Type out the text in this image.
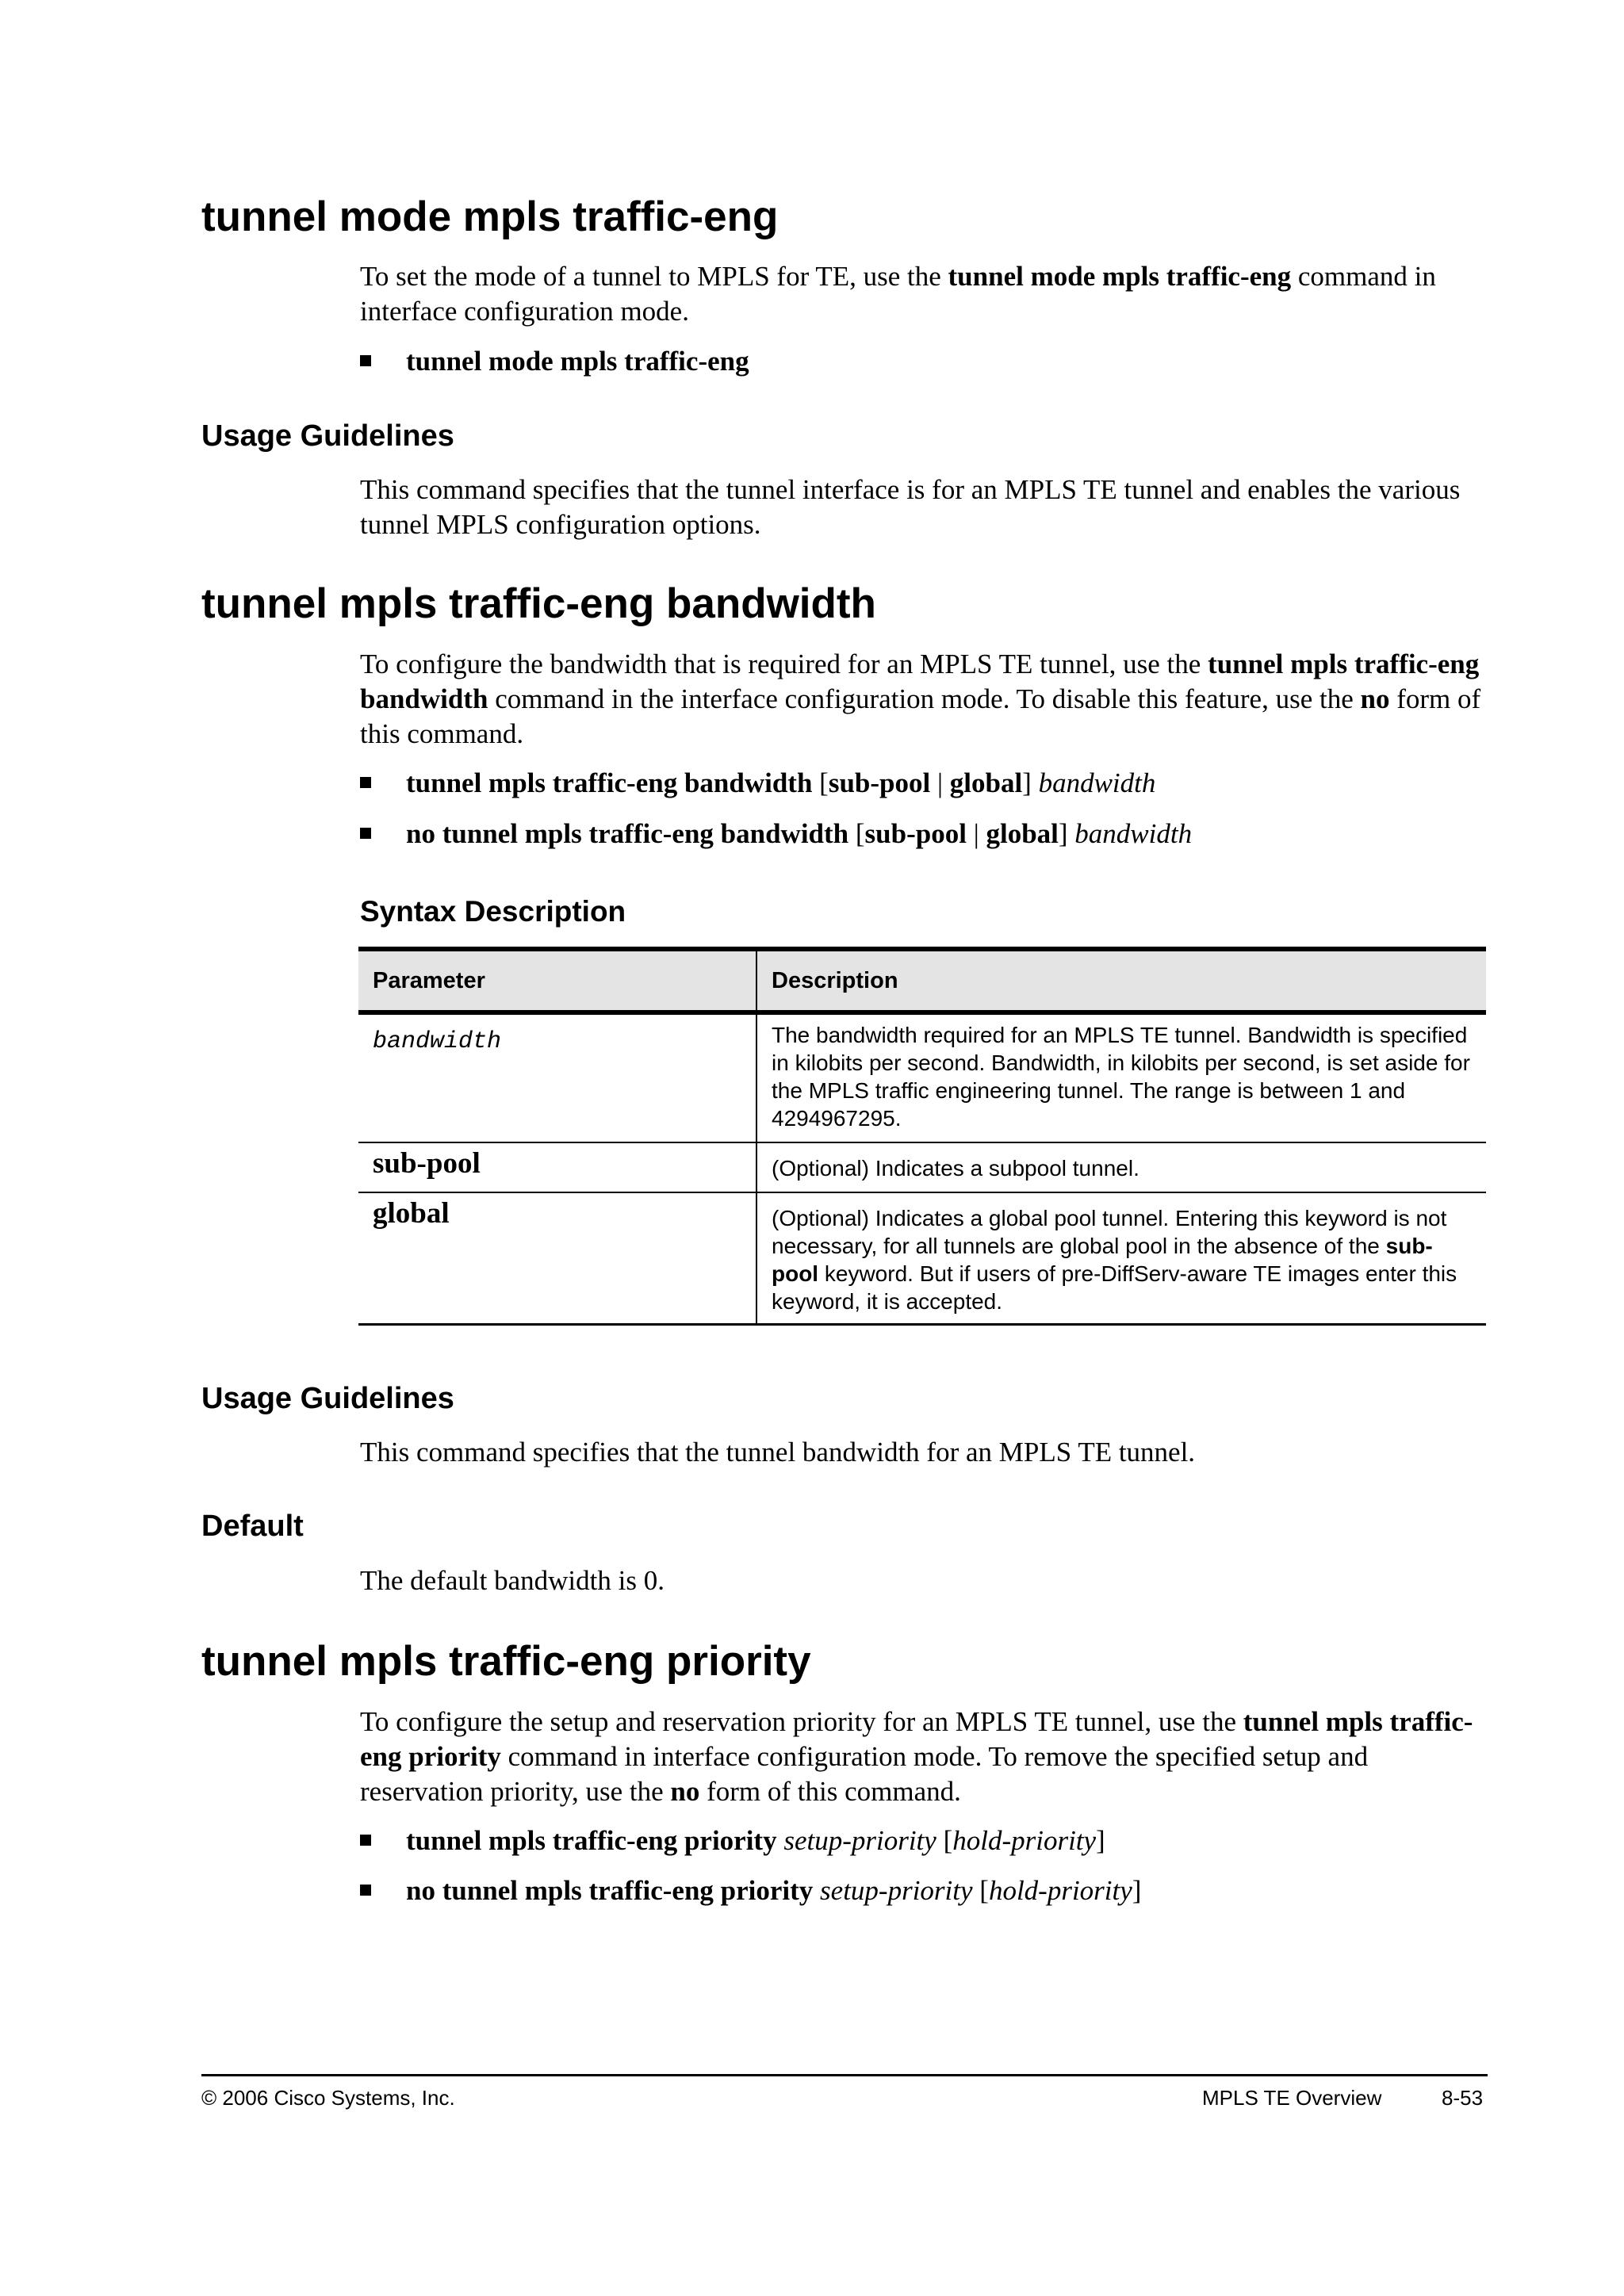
tunnel mode mpls traffic-eng

To set the mode of a tunnel to MPLS for TE, use the tunnel mode mpls traffic-eng command in interface configuration mode.

tunnel mode mpls traffic-eng

Usage Guidelines

This command specifies that the tunnel interface is for an MPLS TE tunnel and enables the various tunnel MPLS configuration options.

tunnel mpls traffic-eng bandwidth

To configure the bandwidth that is required for an MPLS TE tunnel, use the tunnel mpls traffic-eng bandwidth command in the interface configuration mode. To disable this feature, use the no form of this command.

tunnel mpls traffic-eng bandwidth [sub-pool | global] bandwidth

no tunnel mpls traffic-eng bandwidth [sub-pool | global] bandwidth

Syntax Description
Parameter	Description
bandwidth	The bandwidth required for an MPLS TE tunnel. Bandwidth is specified in kilobits per second. Bandwidth, in kilobits per second, is set aside for the MPLS traffic engineering tunnel. The range is between 1 and 4294967295.

sub-pool	(Optional) Indicates a subpool tunnel.

global	(Optional) Indicates a global pool tunnel. Entering this keyword is not necessary, for all tunnels are global pool in the absence of the sub-pool keyword. But if users of pre-DiffServ-aware TE images enter this keyword, it is accepted.
Usage Guidelines

This command specifies that the tunnel bandwidth for an MPLS TE tunnel.

Default

The default bandwidth is 0.

tunnel mpls traffic-eng priority

To configure the setup and reservation priority for an MPLS TE tunnel, use the tunnel mpls traffic-eng priority command in interface configuration mode. To remove the specified setup and reservation priority, use the no form of this command.

tunnel mpls traffic-eng priority setup-priority [hold-priority]

no tunnel mpls traffic-eng priority setup-priority [hold-priority]

© 2006 Cisco Systems, Inc.	MPLS TE Overview	8-53
